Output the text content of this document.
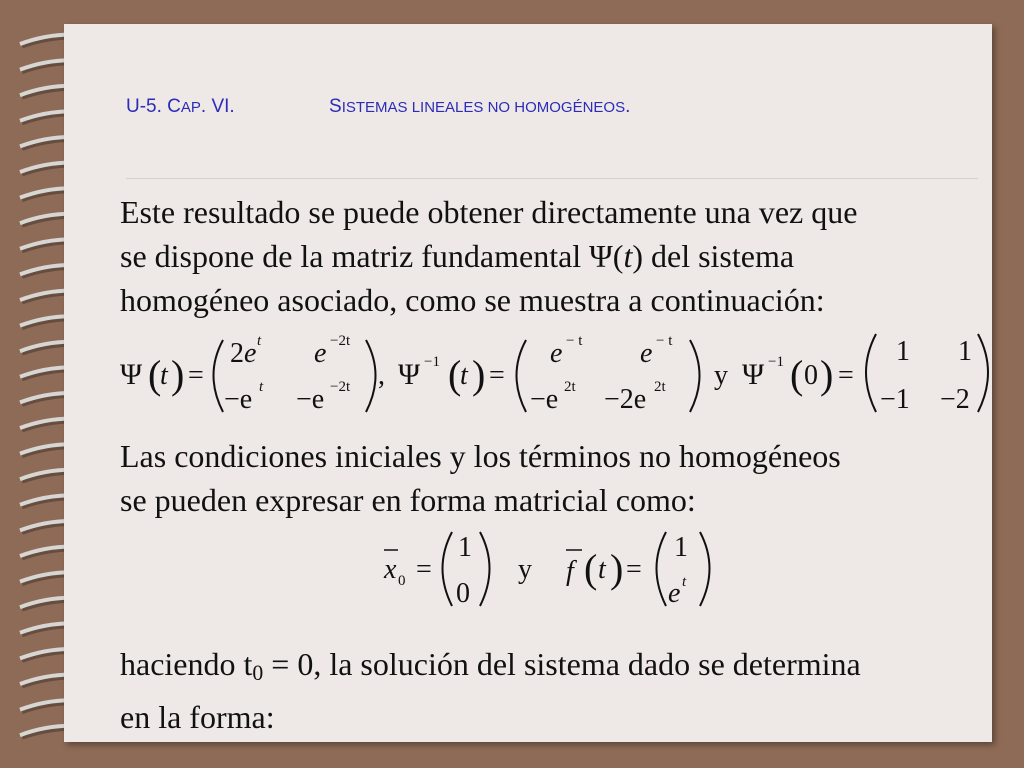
U-5. CAP. VI.	SISTEMAS LINEALES NO HOMOGÉNEOS.
Este resultado se puede obtener directamente una vez que
se dispone de la matriz fundamental Ψ(t) del sistema
homogéneo asociado, como se muestra a continuación:
Ψ (
t ) =
2e t e −2t
−e t −e −2t , Ψ −1 (
t ) =
e − t e − t
−e 2t −2e 2t y Ψ −1 ( 0 ) =
1 1
−1 −2
x 0 =
1
0
y f ( t ) =
1
e t
Las condiciones iniciales y los términos no homogéneos
se pueden expresar en forma matricial como:
haciendo $t_0 = 0$, la solución del sistema dado se determina
en la forma:
